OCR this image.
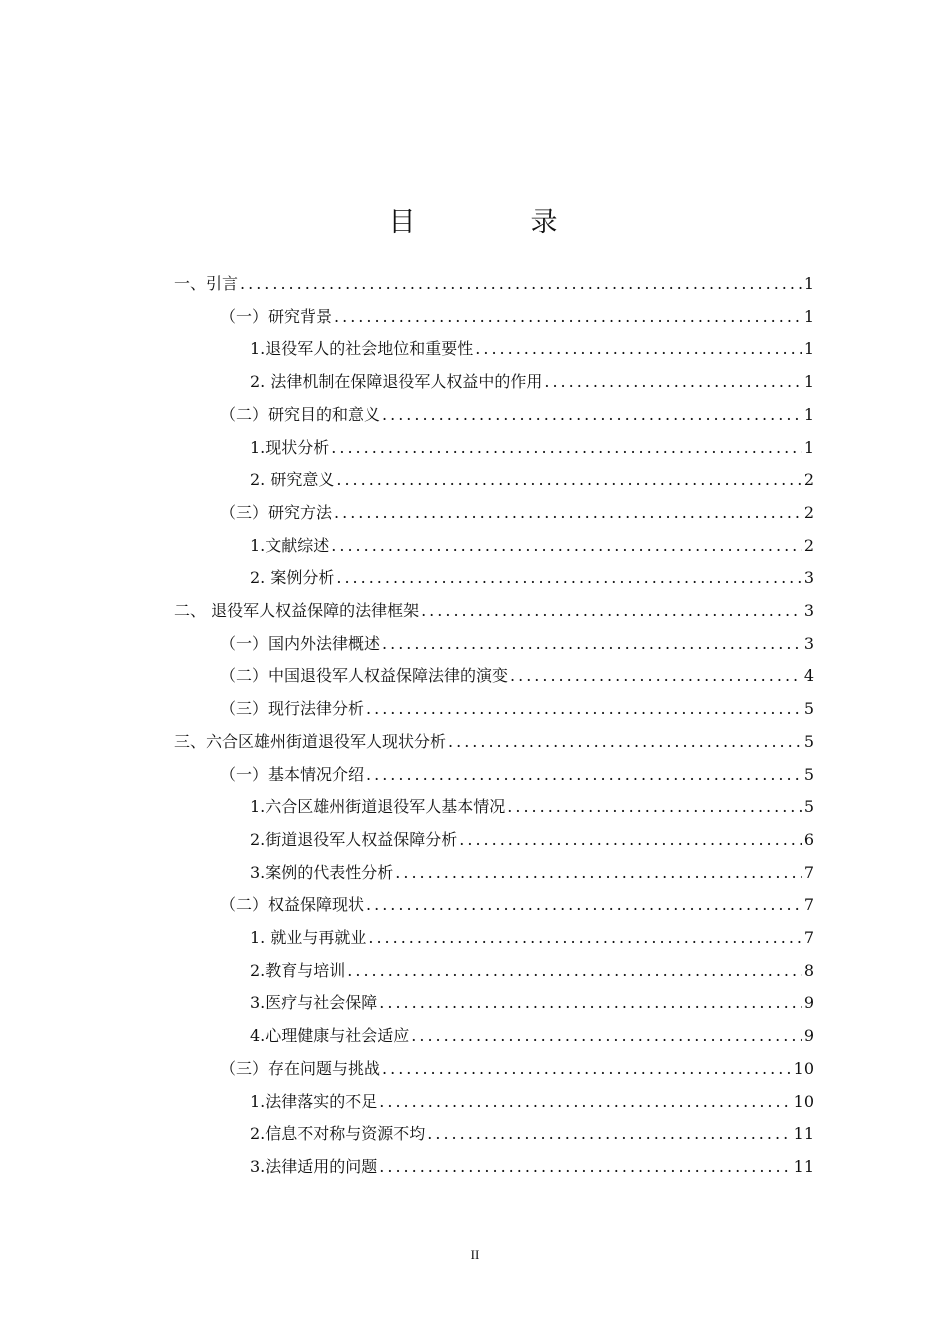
目　录
一、引言 .....	1
（一）研究背景 .....	1
1.退役军人的社会地位和重要性 .....	1
2. 法律机制在保障退役军人权益中的作用 .....	1
（二）研究目的和意义 .....	1
1.现状分析 .....	1
2. 研究意义 .....	2
（三）研究方法 .....	2
1.文献综述 .....	2
2. 案例分析 .....	3
二、 退役军人权益保障的法律框架 .....	3
（一）国内外法律概述 .....	3
（二）中国退役军人权益保障法律的演变 .....	4
（三）现行法律分析 .....	5
三、六合区雄州街道退役军人现状分析 .....	5
（一）基本情况介绍 .....	5
1.六合区雄州街道退役军人基本情况 .....	5
2.街道退役军人权益保障分析 .....	6
3.案例的代表性分析 .....	7
（二）权益保障现状 .....	7
1. 就业与再就业 .....	7
2.教育与培训 .....	8
3.医疗与社会保障 .....	9
4.心理健康与社会适应 .....	9
（三）存在问题与挑战 .....	10
1.法律落实的不足 .....	10
2.信息不对称与资源不均 .....	11
3.法律适用的问题 .....	11
II
